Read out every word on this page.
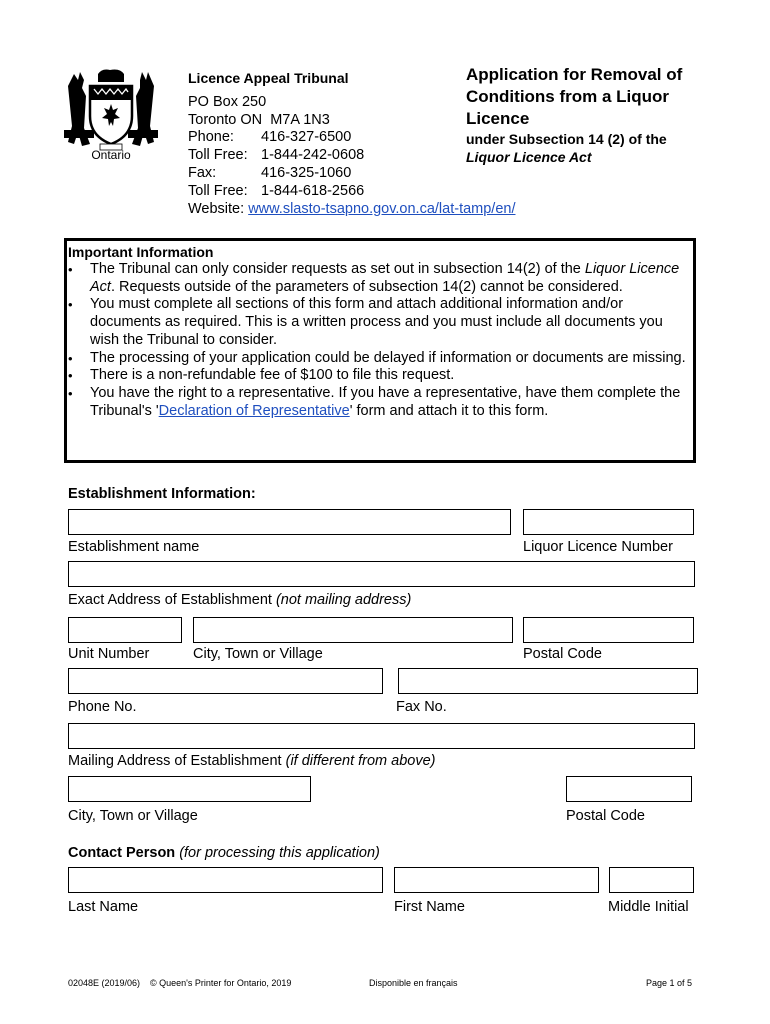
Ontario
Licence Appeal Tribunal
PO Box 250
Toronto ON  M7A 1N3
Phone: 416-327-6500
Toll Free: 1-844-242-0608
Fax:	416-325-1060
Toll Free: 1-844-618-2566
Website: www.slasto-tsapno.gov.on.ca/lat-tamp/en/
Application for Removal of
Conditions from a Liquor
Licence
under Subsection 14 (2) of the
Liquor Licence Act
Important Information
• The Tribunal can only consider requests as set out in subsection 14(2) of the Liquor Licence Act. Requests outside of the parameters of subsection 14(2) cannot be considered.
• You must complete all sections of this form and attach additional information and/or documents as required. This is a written process and you must include all documents you wish the Tribunal to consider.
• The processing of your application could be delayed if information or documents are missing.
• There is a non-refundable fee of $100 to file this request.
• You have the right to a representative. If you have a representative, have them complete the Tribunal's 'Declaration of Representative' form and attach it to this form.
Establishment Information:
Establishment name	Liquor Licence Number
Exact Address of Establishment (not mailing address)
Unit Number	City, Town or Village	Postal Code
Phone No.	Fax No.
Mailing Address of Establishment (if different from above)
City, Town or Village	Postal Code
Contact Person (for processing this application)
Last Name	First Name	Middle Initial
02048E (2019/06) © Queen's Printer for Ontario, 2019	Disponible en français	Page 1 of 5
